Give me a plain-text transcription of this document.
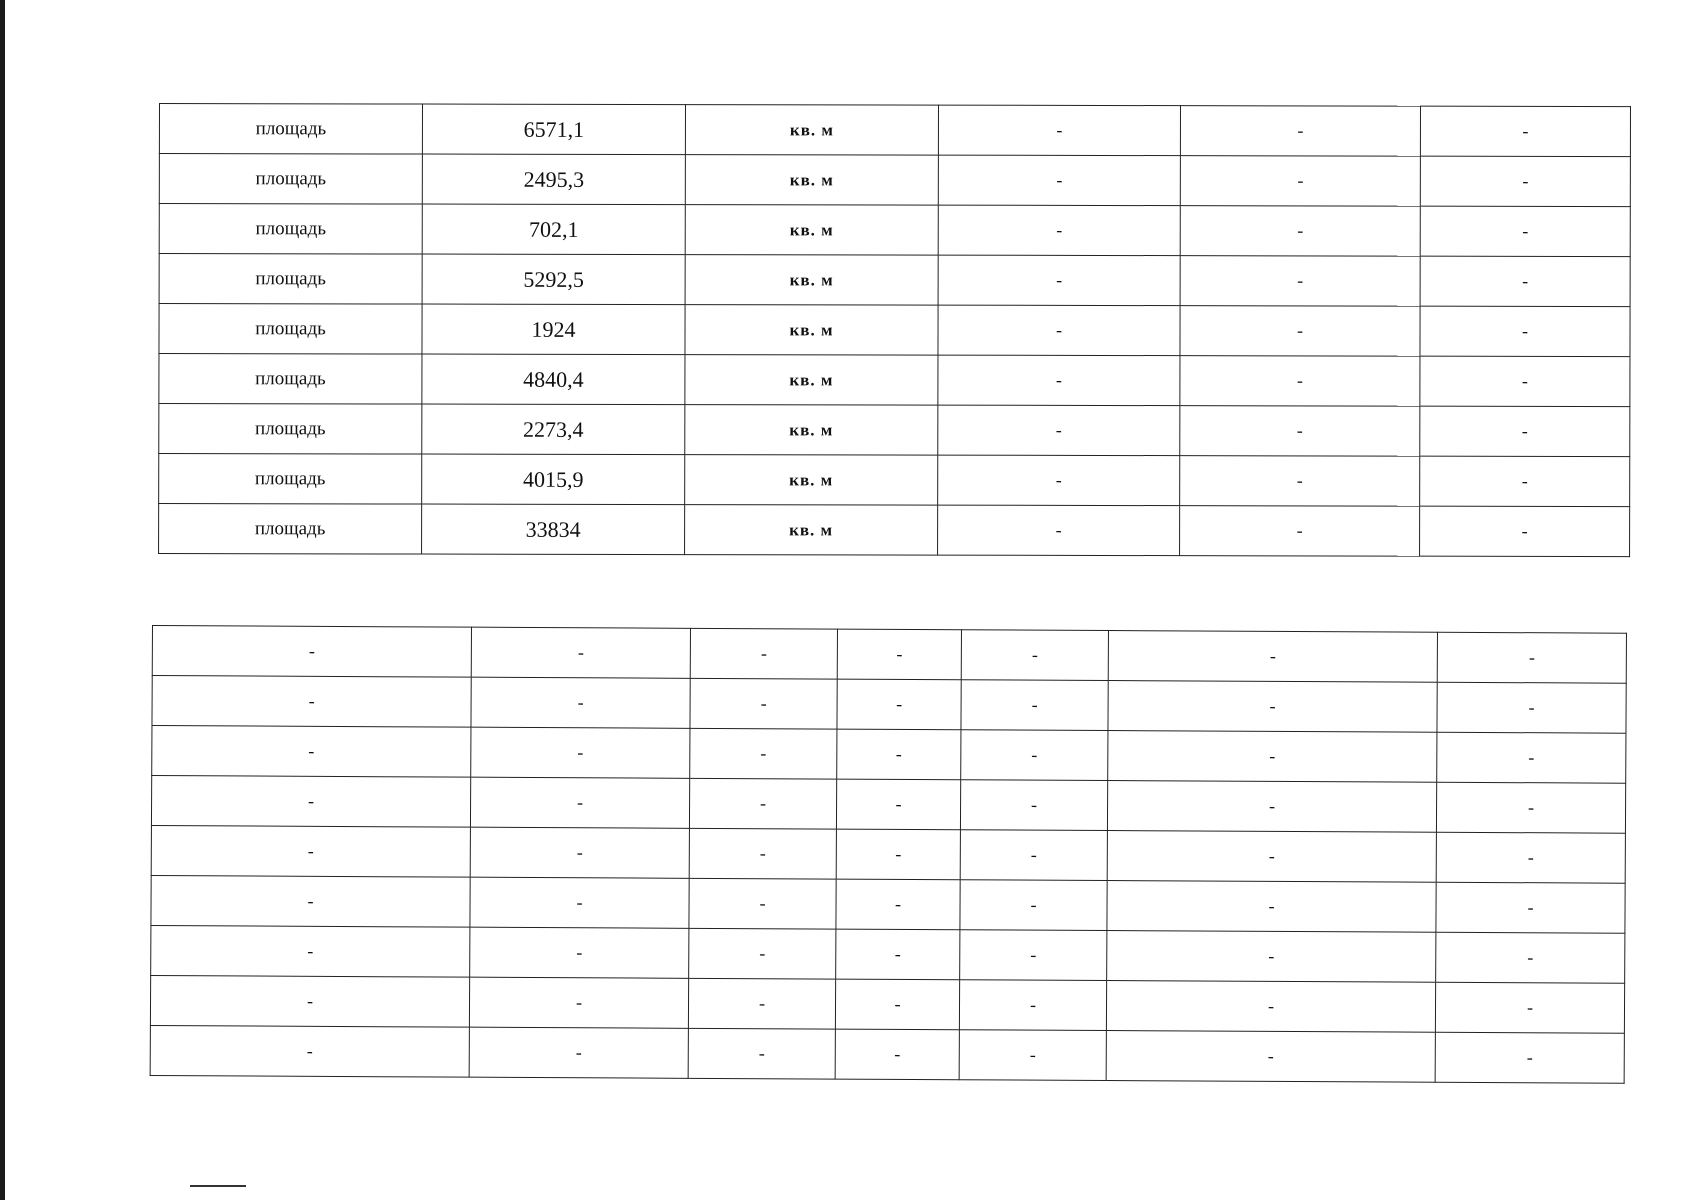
площадь	6571,1	кв. м	-	-	-
площадь	2495,3	кв. м	-	-	-
площадь	702,1	кв. м	-	-	-
площадь	5292,5	кв. м	-	-	-
площадь	1924	кв. м	-	-	-
площадь	4840,4	кв. м	-	-	-
площадь	2273,4	кв. м	-	-	-
площадь	4015,9	кв. м	-	-	-
площадь	33834	кв. м	-	-	-
-	-	-	-	-	-	-
-	-	-	-	-	-	-
-	-	-	-	-	-	-
-	-	-	-	-	-	-
-	-	-	-	-	-	-
-	-	-	-	-	-	-
-	-	-	-	-	-	-
-	-	-	-	-	-	-
-	-	-	-	-	-	-
